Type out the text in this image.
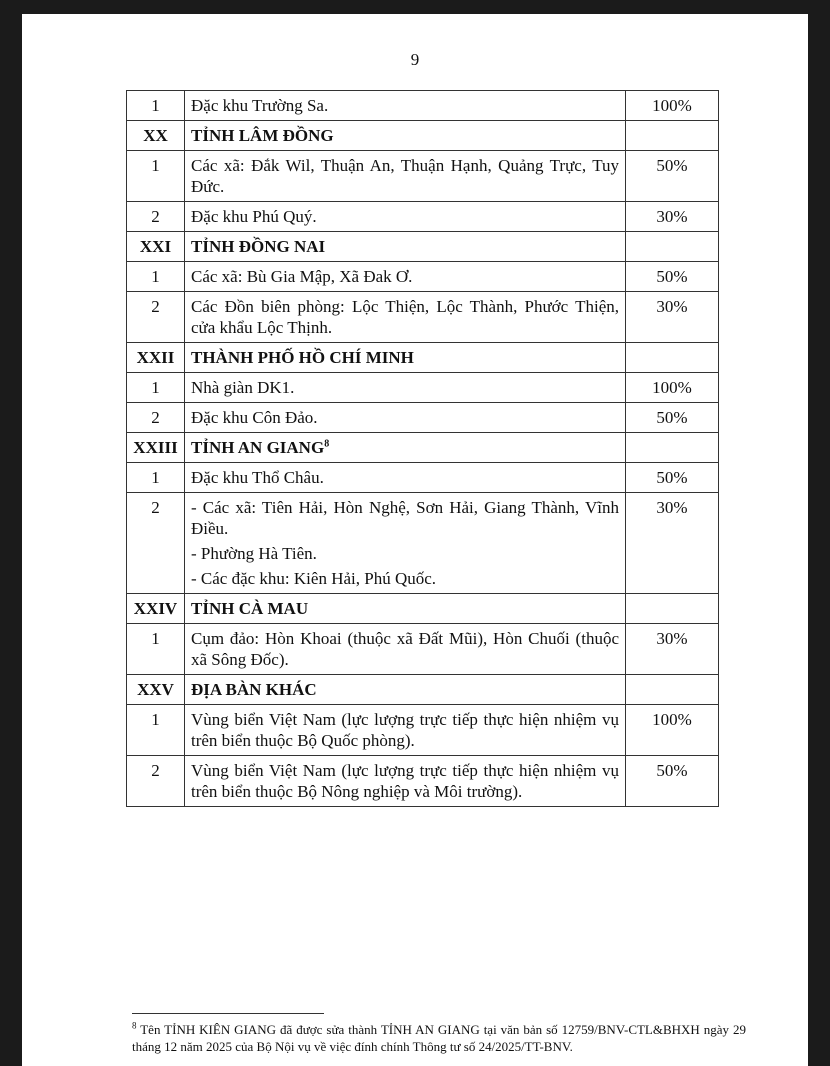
9
1	Đặc khu Trường Sa.	100%
XX	TỈNH LÂM ĐỒNG	
1	Các xã: Đắk Wil, Thuận An, Thuận Hạnh, Quảng Trực, Tuy Đức.	50%
2	Đặc khu Phú Quý.	30%
XXI	TỈNH ĐỒNG NAI	
1	Các xã: Bù Gia Mập, Xã Đak Ơ.	50%
2	Các Đồn biên phòng: Lộc Thiện, Lộc Thành, Phước Thiện, cửa khẩu Lộc Thịnh.	30%
XXII	THÀNH PHỐ HỒ CHÍ MINH	
1	Nhà giàn DK1.	100%
2	Đặc khu Côn Đảo.	50%
XXIII	TỈNH AN GIANG$^8$	
1	Đặc khu Thổ Châu.	50%
2	- Các xã: Tiên Hải, Hòn Nghệ, Sơn Hải, Giang Thành, Vĩnh Điều.
- Phường Hà Tiên.
- Các đặc khu: Kiên Hải, Phú Quốc.	30%
XXIV	TỈNH CÀ MAU	
1	Cụm đảo: Hòn Khoai (thuộc xã Đất Mũi), Hòn Chuối (thuộc xã Sông Đốc).	30%
XXV	ĐỊA BÀN KHÁC	
1	Vùng biển Việt Nam (lực lượng trực tiếp thực hiện nhiệm vụ trên biển thuộc Bộ Quốc phòng).	100%
2	Vùng biển Việt Nam (lực lượng trực tiếp thực hiện nhiệm vụ trên biển thuộc Bộ Nông nghiệp và Môi trường).	50%
$^8$ Tên TỈNH KIÊN GIANG đã được sửa thành TỈNH AN GIANG tại văn bản số 12759/BNV-CTL&BHXH ngày 29 tháng 12 năm 2025 của Bộ Nội vụ về việc đính chính Thông tư số 24/2025/TT-BNV.
